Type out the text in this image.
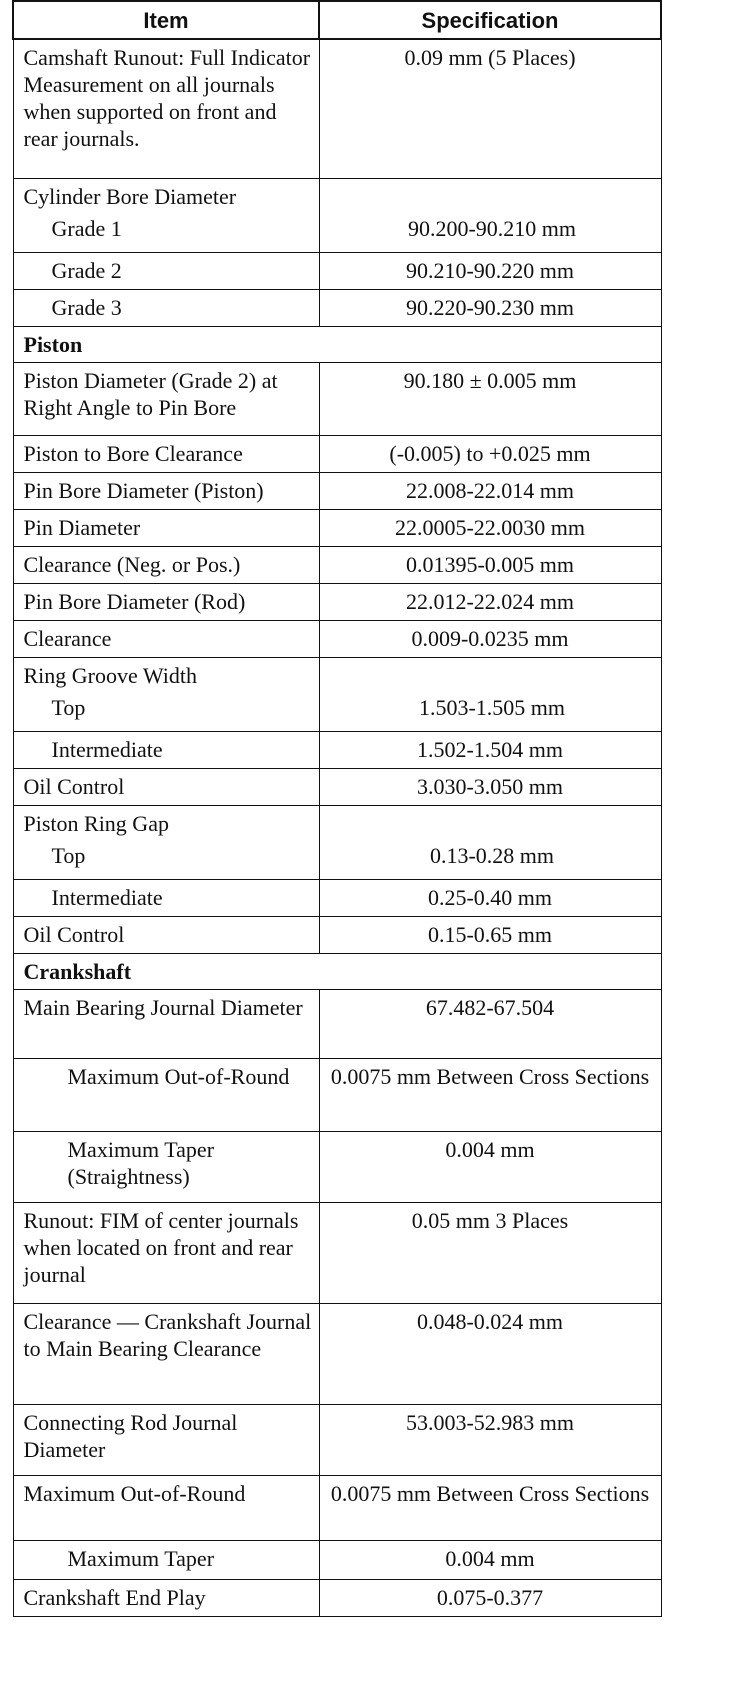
Item	Specification
Camshaft Runout: Full Indicator Measurement on all journals when supported on front and rear journals.	0.09 mm (5 Places)

Cylinder Bore Diameter
Grade 1	90.200-90.210 mm

Grade 2	90.210-90.220 mm
Grade 3	90.220-90.230 mm
Piston	
Piston Diameter (Grade 2) at Right Angle to Pin Bore	90.180 ± 0.005 mm
Piston to Bore Clearance	(-0.005) to +0.025 mm
Pin Bore Diameter (Piston)	22.008-22.014 mm
Pin Diameter	22.0005-22.0030 mm
Clearance (Neg. or Pos.)	0.01395-0.005 mm
Pin Bore Diameter (Rod)	22.012-22.024 mm
Clearance	0.009-0.0235 mm

Ring Groove Width
Top	1.503-1.505 mm

Intermediate	1.502-1.504 mm
Oil Control	3.030-3.050 mm

Piston Ring Gap
Top	0.13-0.28 mm

Intermediate	0.25-0.40 mm
Oil Control	0.15-0.65 mm
Crankshaft	
Main Bearing Journal Diameter	67.482-67.504
Maximum Out-of-Round	0.0075 mm Between Cross Sections
Maximum Taper (Straightness)	0.004 mm
Runout: FIM of center journals when located on front and rear journal	0.05 mm 3 Places
Clearance — Crankshaft Journal to Main Bearing Clearance	0.048-0.024 mm
Connecting Rod Journal Diameter	53.003-52.983 mm
Maximum Out-of-Round	0.0075 mm Between Cross Sections
Maximum Taper	0.004 mm
Crankshaft End Play	0.075-0.377
